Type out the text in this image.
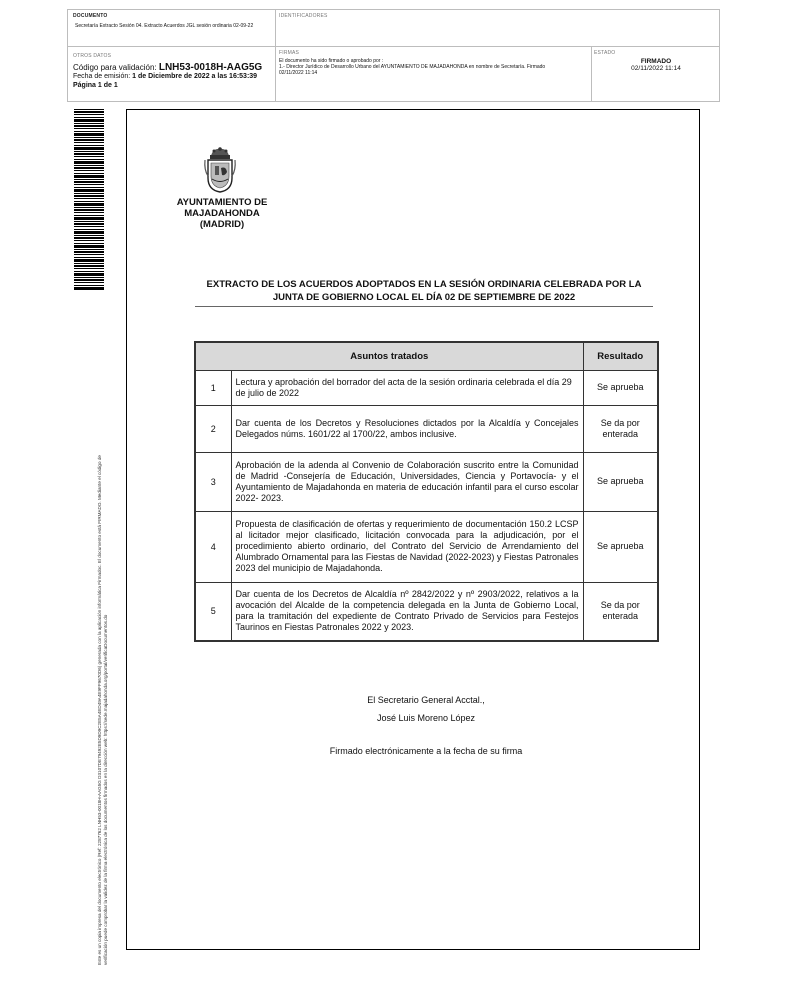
DOCUMENTO
Secretaría Extracto Sesión 04. Extracto Acuerdos JGL sesión ordinaria 02-09-22
IDENTIFICADORES
OTROS DATOS
Código para validación: LNH53-0018H-AAG5G
Fecha de emisión: 1 de Diciembre de 2022 a las 16:53:39
Página 1 de 1
FIRMAS
El documento ha sido firmado o aprobado por :
1.- Director Jurídico de Desarrollo Urbano del AYUNTAMIENTO DE MAJADAHONDA en nombre de Secretaría. Firmado
02/11/2022 11:14
ESTADO
FIRMADO
02/11/2022 11:14
Este es un copia impresa del documento electrónico (Ref: 2287762 LNH53-0018H-AAG5G D3107DE79492E5D9D9C2E5A4ED49A4E9FF9670D6) generada con la aplicación informática Firmadoc. El documento está FIRMADO. Mediante el código de verificación puede comprobar la validez de la firma electrónica de los documentos firmados en la dirección web: https://sede.majadahonda.org/portal/verificaDocumentos.do
AYUNTAMIENTO DE
MAJADAHONDA
(MADRID)
EXTRACTO DE LOS ACUERDOS ADOPTADOS EN LA SESIÓN ORDINARIA CELEBRADA POR LA
JUNTA DE GOBIERNO LOCAL EL DÍA 02 DE SEPTIEMBRE DE 2022
Asuntos tratados		Resultado
1	Lectura y aprobación del borrador del acta de la sesión ordinaria celebrada el día 29 de julio de 2022	Se aprueba
2	Dar cuenta de los Decretos y Resoluciones dictados por la Alcaldía y Concejales Delegados núms. 1601/22 al 1700/22, ambos inclusive.	Se da por enterada
3	Aprobación de la adenda al Convenio de Colaboración suscrito entre la Comunidad de Madrid -Consejería de Educación, Universidades, Ciencia y Portavocía- y el Ayuntamiento de Majadahonda en materia de educación infantil para el curso escolar 2022- 2023.	Se aprueba
4	Propuesta de clasificación de ofertas y requerimiento de documentación 150.2 LCSP al licitador mejor clasificado, licitación convocada para la adjudicación, por el procedimiento abierto ordinario, del Contrato del Servicio de Arrendamiento del Alumbrado Ornamental para las Fiestas de Navidad (2022-2023) y Fiestas Patronales 2023 del municipio de Majadahonda.	Se aprueba
5	Dar cuenta de los Decretos de Alcaldía nº 2842/2022 y nº 2903/2022, relativos a la avocación del Alcalde de la competencia delegada en la Junta de Gobierno Local, para la tramitación del expediente de Contrato Privado de Servicios para Festejos Taurinos en Fiestas Patronales 2022 y 2023.	Se da por enterada
El Secretario General Acctal.,
José Luis Moreno López
Firmado electrónicamente a la fecha de su firma
